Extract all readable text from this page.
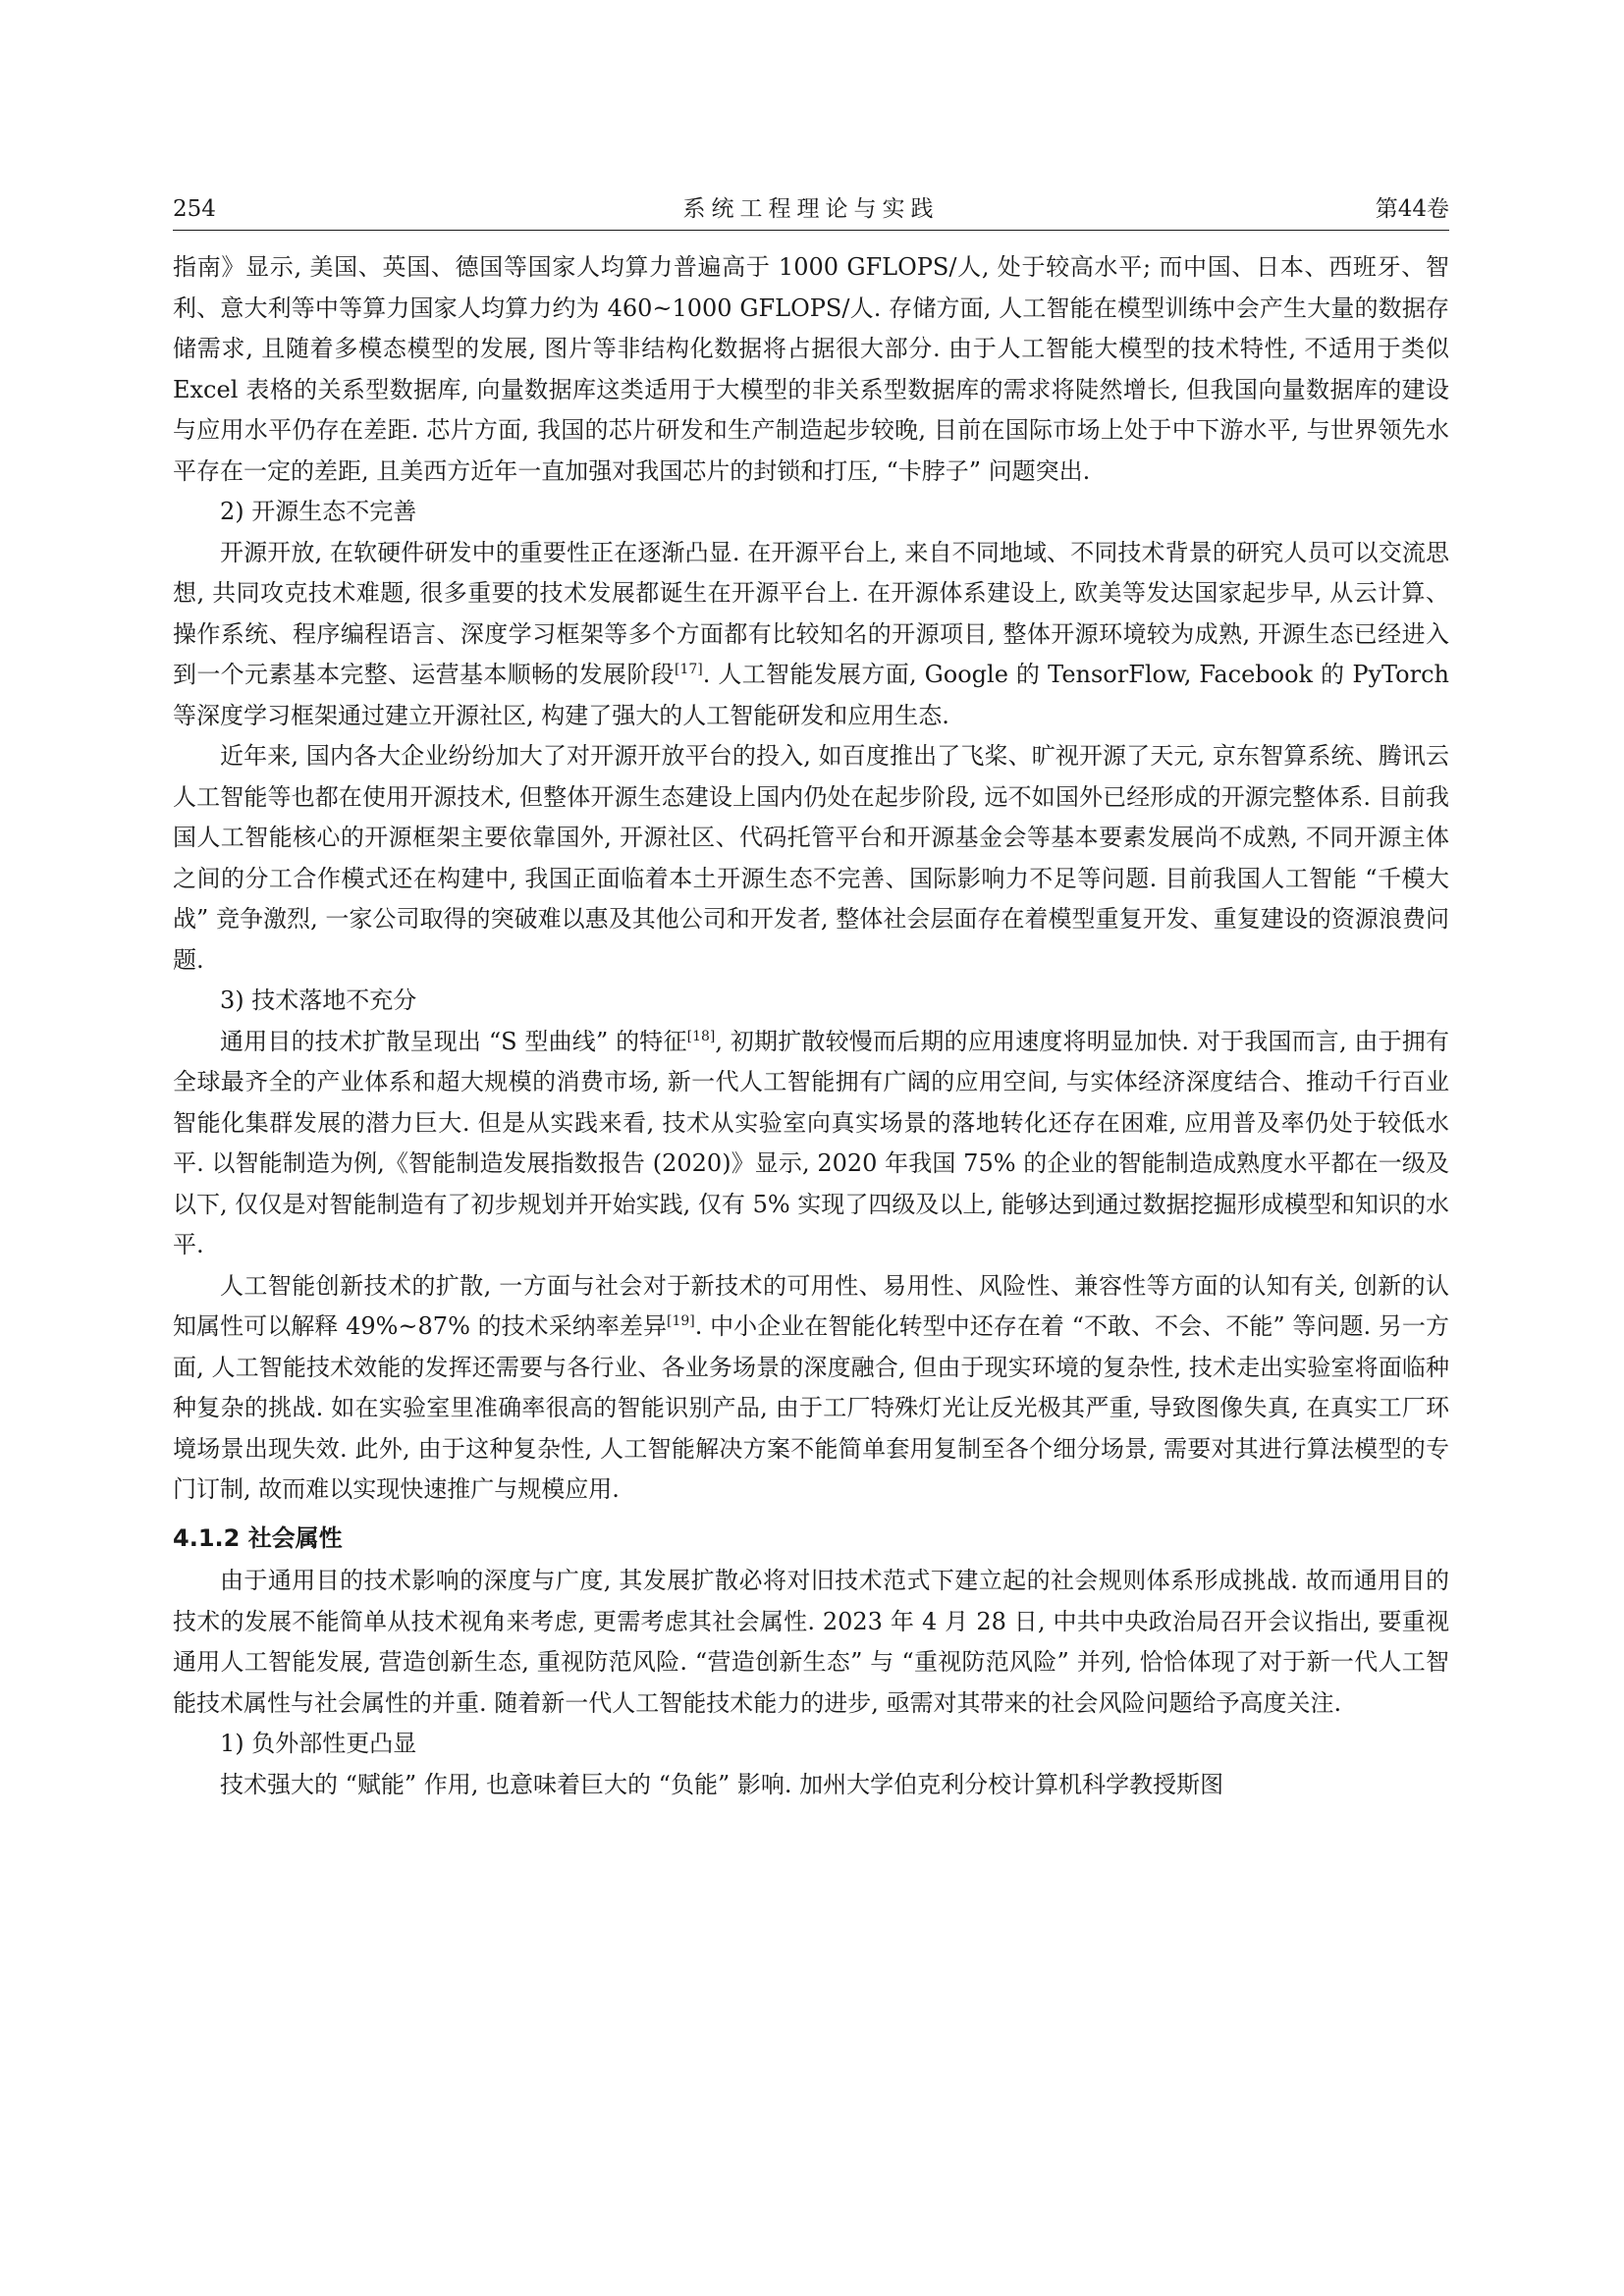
254	系统工程理论与实践	第44卷

指南》显示, 美国、英国、德国等国家人均算力普遍高于 1000 GFLOPS/人, 处于较高水平; 而中国、日本、西班牙、智利、意大利等中等算力国家人均算力约为 460~1000 GFLOPS/人. 存储方面, 人工智能在模型训练中会产生大量的数据存储需求, 且随着多模态模型的发展, 图片等非结构化数据将占据很大部分. 由于人工智能大模型的技术特性, 不适用于类似 Excel 表格的关系型数据库, 向量数据库这类适用于大模型的非关系型数据库的需求将陡然增长, 但我国向量数据库的建设与应用水平仍存在差距. 芯片方面, 我国的芯片研发和生产制造起步较晚, 目前在国际市场上处于中下游水平, 与世界领先水平存在一定的差距, 且美西方近年一直加强对我国芯片的封锁和打压, “卡脖子” 问题突出.

2) 开源生态不完善

开源开放, 在软硬件研发中的重要性正在逐渐凸显. 在开源平台上, 来自不同地域、不同技术背景的研究人员可以交流思想, 共同攻克技术难题, 很多重要的技术发展都诞生在开源平台上. 在开源体系建设上, 欧美等发达国家起步早, 从云计算、操作系统、程序编程语言、深度学习框架等多个方面都有比较知名的开源项目, 整体开源环境较为成熟, 开源生态已经进入到一个元素基本完整、运营基本顺畅的发展阶段[17]. 人工智能发展方面, Google 的 TensorFlow, Facebook 的 PyTorch 等深度学习框架通过建立开源社区, 构建了强大的人工智能研发和应用生态.

近年来, 国内各大企业纷纷加大了对开源开放平台的投入, 如百度推出了飞桨、旷视开源了天元, 京东智算系统、腾讯云人工智能等也都在使用开源技术, 但整体开源生态建设上国内仍处在起步阶段, 远不如国外已经形成的开源完整体系. 目前我国人工智能核心的开源框架主要依靠国外, 开源社区、代码托管平台和开源基金会等基本要素发展尚不成熟, 不同开源主体之间的分工合作模式还在构建中, 我国正面临着本土开源生态不完善、国际影响力不足等问题. 目前我国人工智能 “千模大战” 竞争激烈, 一家公司取得的突破难以惠及其他公司和开发者, 整体社会层面存在着模型重复开发、重复建设的资源浪费问题.

3) 技术落地不充分

通用目的技术扩散呈现出 “S 型曲线” 的特征[18], 初期扩散较慢而后期的应用速度将明显加快. 对于我国而言, 由于拥有全球最齐全的产业体系和超大规模的消费市场, 新一代人工智能拥有广阔的应用空间, 与实体经济深度结合、推动千行百业智能化集群发展的潜力巨大. 但是从实践来看, 技术从实验室向真实场景的落地转化还存在困难, 应用普及率仍处于较低水平. 以智能制造为例,《智能制造发展指数报告 (2020)》显示, 2020 年我国 75% 的企业的智能制造成熟度水平都在一级及以下, 仅仅是对智能制造有了初步规划并开始实践, 仅有 5% 实现了四级及以上, 能够达到通过数据挖掘形成模型和知识的水平.

人工智能创新技术的扩散, 一方面与社会对于新技术的可用性、易用性、风险性、兼容性等方面的认知有关, 创新的认知属性可以解释 49%~87% 的技术采纳率差异[19]. 中小企业在智能化转型中还存在着 “不敢、不会、不能” 等问题. 另一方面, 人工智能技术效能的发挥还需要与各行业、各业务场景的深度融合, 但由于现实环境的复杂性, 技术走出实验室将面临种种复杂的挑战. 如在实验室里准确率很高的智能识别产品, 由于工厂特殊灯光让反光极其严重, 导致图像失真, 在真实工厂环境场景出现失效. 此外, 由于这种复杂性, 人工智能解决方案不能简单套用复制至各个细分场景, 需要对其进行算法模型的专门订制, 故而难以实现快速推广与规模应用.

4.1.2 社会属性

由于通用目的技术影响的深度与广度, 其发展扩散必将对旧技术范式下建立起的社会规则体系形成挑战. 故而通用目的技术的发展不能简单从技术视角来考虑, 更需考虑其社会属性. 2023 年 4 月 28 日, 中共中央政治局召开会议指出, 要重视通用人工智能发展, 营造创新生态, 重视防范风险. “营造创新生态” 与 “重视防范风险” 并列, 恰恰体现了对于新一代人工智能技术属性与社会属性的并重. 随着新一代人工智能技术能力的进步, 亟需对其带来的社会风险问题给予高度关注.

1) 负外部性更凸显

技术强大的 “赋能” 作用, 也意味着巨大的 “负能” 影响. 加州大学伯克利分校计算机科学教授斯图
